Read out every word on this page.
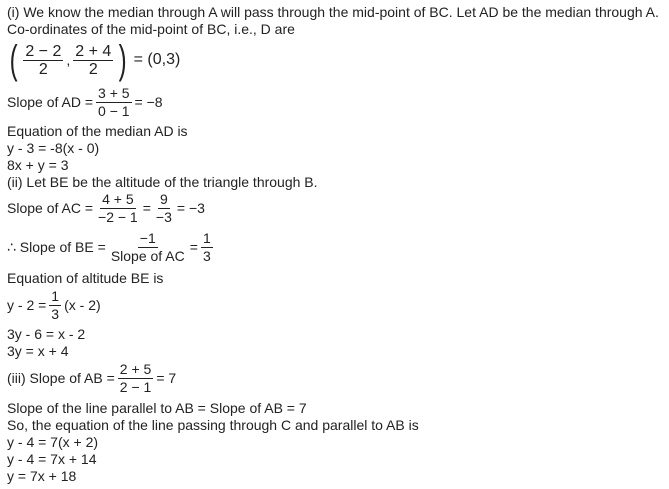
(i) We know the median through A will pass through the mid-point of BC. Let AD be the median through A.
Co-ordinates of the mid-point of BC, i.e., D are
( $\frac{2 - 2}{2}$ , $\frac{2 + 4}{2}$ ) = (0,3)
Slope of AD = $\frac{3 + 5}{0 - 1} = -8$
Equation of the median AD is
y - 3 = -8(x - 0)
8x + y = 3
(ii) Let BE be the altitude of the triangle through B.
Slope of AC = $\frac{4 + 5}{-2 - 1} = \frac{9}{-3} = -3$
∴ Slope of BE = $\frac{-1}{\text{Slope of AC}} = \frac{1}{3}$
Equation of altitude BE is
$y - 2 = \frac{1}{3} (x - 2)$
3y - 6 = x - 2
3y = x + 4
(iii) Slope of AB = $\frac{2 + 5}{2 - 1} = 7$
Slope of the line parallel to AB = Slope of AB = 7
So, the equation of the line passing through C and parallel to AB is
y - 4 = 7(x + 2)
y - 4 = 7x + 14
y = 7x + 18
